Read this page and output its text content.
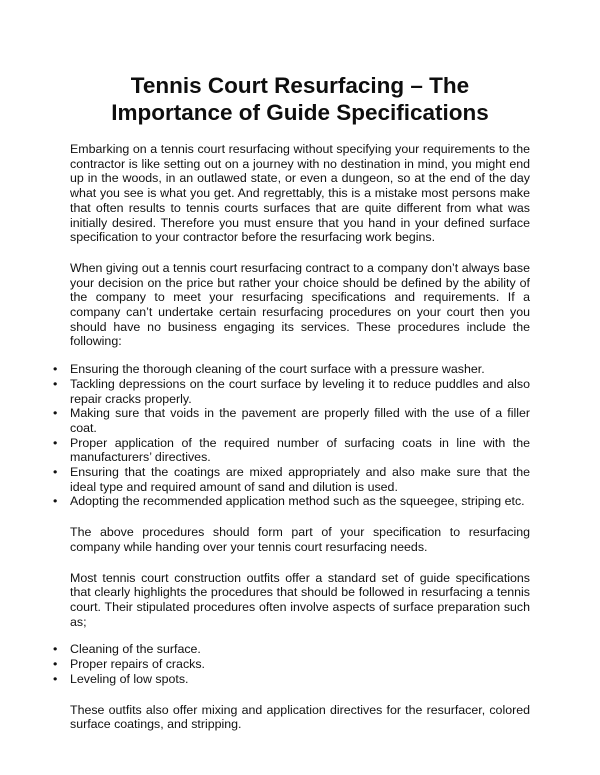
Tennis Court Resurfacing – The Importance of Guide Specifications

Embarking on a tennis court resurfacing without specifying your requirements to the contractor is like setting out on a journey with no destination in mind, you might end up in the woods, in an outlawed state, or even a dungeon, so at the end of the day what you see is what you get. And regrettably, this is a mistake most persons make that often results to tennis courts surfaces that are quite different from what was initially desired. Therefore you must ensure that you hand in your defined surface specification to your contractor before the resurfacing work begins.

When giving out a tennis court resurfacing contract to a company don’t always base your decision on the price but rather your choice should be defined by the ability of the company to meet your resurfacing specifications and requirements. If a company can’t undertake certain resurfacing procedures on your court then you should have no business engaging its services. These procedures include the following:

• Ensuring the thorough cleaning of the court surface with a pressure washer.
• Tackling depressions on the court surface by leveling it to reduce puddles and also repair cracks properly.
• Making sure that voids in the pavement are properly filled with the use of a filler coat.
• Proper application of the required number of surfacing coats in line with the manufacturers’ directives.
• Ensuring that the coatings are mixed appropriately and also make sure that the ideal type and required amount of sand and dilution is used.
• Adopting the recommended application method such as the squeegee, striping etc.

The above procedures should form part of your specification to resurfacing company while handing over your tennis court resurfacing needs.

Most tennis court construction outfits offer a standard set of guide specifications that clearly highlights the procedures that should be followed in resurfacing a tennis court. Their stipulated procedures often involve aspects of surface preparation such as;

• Cleaning of the surface.
• Proper repairs of cracks.
• Leveling of low spots.

These outfits also offer mixing and application directives for the resurfacer, colored surface coatings, and stripping.
